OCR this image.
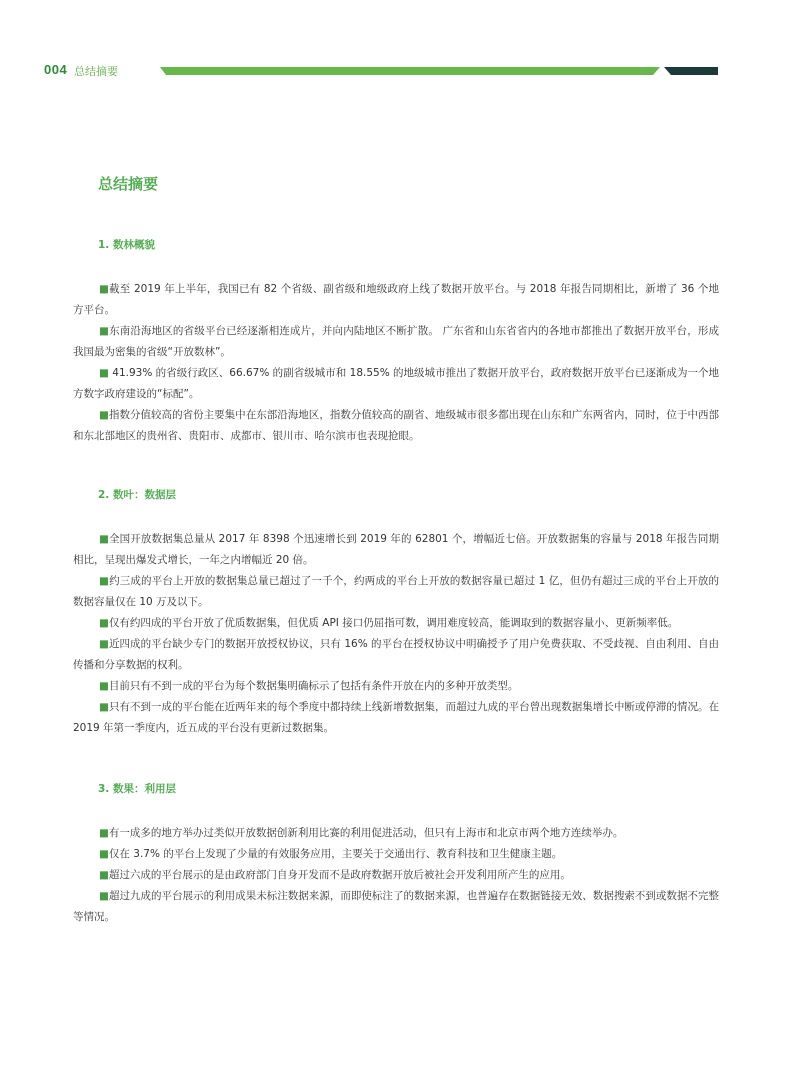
004 总结摘要
总结摘要
1. 数林概貌

■截至 2019 年上半年，我国已有 82 个省级、副省级和地级政府上线了数据开放平台。与 2018 年报告同期相比，新增了 36 个地方平台。

■东南沿海地区的省级平台已经逐渐相连成片，并向内陆地区不断扩散。 广东省和山东省省内的各地市都推出了数据开放平台，形成我国最为密集的省级“开放数林”。

■ 41.93% 的省级行政区、66.67% 的副省级城市和 18.55% 的地级城市推出了数据开放平台，政府数据开放平台已逐渐成为一个地方数字政府建设的“标配”。

■指数分值较高的省份主要集中在东部沿海地区，指数分值较高的副省、地级城市很多都出现在山东和广东两省内，同时，位于中西部和东北部地区的贵州省、贵阳市、成都市、银川市、哈尔滨市也表现抢眼。

2. 数叶：数据层

■全国开放数据集总量从 2017 年 8398 个迅速增长到 2019 年的 62801 个，增幅近七倍。开放数据集的容量与 2018 年报告同期相比，呈现出爆发式增长，一年之内增幅近 20 倍。

■约三成的平台上开放的数据集总量已超过了一千个，约两成的平台上开放的数据容量已超过 1 亿，但仍有超过三成的平台上开放的数据容量仅在 10 万及以下。

■仅有约四成的平台开放了优质数据集，但优质 API 接口仍屈指可数，调用难度较高，能调取到的数据容量小、更新频率低。

■近四成的平台缺少专门的数据开放授权协议，只有 16% 的平台在授权协议中明确授予了用户免费获取、不受歧视、自由利用、自由传播和分享数据的权利。

■目前只有不到一成的平台为每个数据集明确标示了包括有条件开放在内的多种开放类型。

■只有不到一成的平台能在近两年来的每个季度中都持续上线新增数据集，而超过九成的平台曾出现数据集增长中断或停滞的情况。在 2019 年第一季度内，近五成的平台没有更新过数据集。

3. 数果：利用层

■有一成多的地方举办过类似开放数据创新利用比赛的利用促进活动，但只有上海市和北京市两个地方连续举办。

■仅在 3.7% 的平台上发现了少量的有效服务应用，主要关于交通出行、教育科技和卫生健康主题。

■超过六成的平台展示的是由政府部门自身开发而不是政府数据开放后被社会开发利用所产生的应用。

■超过九成的平台展示的利用成果未标注数据来源，而即使标注了的数据来源，也普遍存在数据链接无效、数据搜索不到或数据不完整等情况。
